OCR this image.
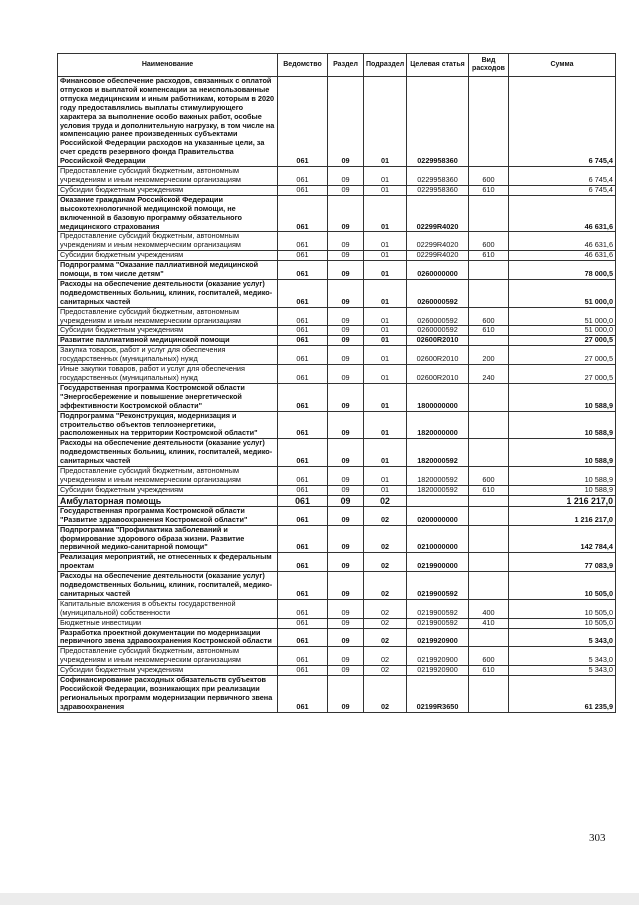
Наименование	Ведомство	Раздел	Подраздел	Целевая статья	Вид расходов	Сумма
Финансовое обеспечение расходов, связанных с оплатой отпусков и выплатой компенсации за неиспользованные отпуска медицинским и иным работникам, которым в 2020 году предоставлялись выплаты стимулирующего характера за выполнение особо важных работ, особые условия труда и дополнительную нагрузку, в том числе на компенсацию ранее произведенных субъектами Российской Федерации расходов на указанные цели, за счет средств резервного фонда Правительства Российской Федерации	061	09	01	0229958360		6 745,4
Предоставление субсидий бюджетным, автономным учреждениям и иным некоммерческим организациям	061	09	01	0229958360	600	6 745,4
Субсидии бюджетным учреждениям	061	09	01	0229958360	610	6 745,4
Оказание гражданам Российской Федерации высокотехнологичной медицинской помощи, не включенной в базовую программу обязательного медицинского страхования	061	09	01	02299R4020		46 631,6
Предоставление субсидий бюджетным, автономным учреждениям и иным некоммерческим организациям	061	09	01	02299R4020	600	46 631,6
Субсидии бюджетным учреждениям	061	09	01	02299R4020	610	46 631,6
Подпрограмма "Оказание паллиативной медицинской помощи, в том числе детям"	061	09	01	0260000000		78 000,5
Расходы на обеспечение деятельности (оказание услуг) подведомственных больниц, клиник, госпиталей, медико-санитарных частей	061	09	01	0260000592		51 000,0
Предоставление субсидий бюджетным, автономным учреждениям и иным некоммерческим организациям	061	09	01	0260000592	600	51 000,0
Субсидии бюджетным учреждениям	061	09	01	0260000592	610	51 000,0
Развитие паллиативной медицинской помощи	061	09	01	02600R2010		27 000,5
Закупка товаров, работ и услуг для обеспечения государственных (муниципальных) нужд	061	09	01	02600R2010	200	27 000,5
Иные закупки товаров, работ и услуг для обеспечения государственных (муниципальных) нужд	061	09	01	02600R2010	240	27 000,5
Государственная программа Костромской области "Энергосбережение и повышение энергетической эффективности Костромской области"	061	09	01	1800000000		10 588,9
Подпрограмма "Реконструкция, модернизация и строительство объектов теплоэнергетики, расположенных на территории Костромской области"	061	09	01	1820000000		10 588,9
Расходы на обеспечение деятельности (оказание услуг) подведомственных больниц, клиник, госпиталей, медико-санитарных частей	061	09	01	1820000592		10 588,9
Предоставление субсидий бюджетным, автономным учреждениям и иным некоммерческим организациям	061	09	01	1820000592	600	10 588,9
Субсидии бюджетным учреждениям	061	09	01	1820000592	610	10 588,9
Амбулаторная помощь	061	09	02			1 216 217,0
Государственная программа Костромской области "Развитие здравоохранения Костромской области"	061	09	02	0200000000		1 216 217,0
Подпрограмма "Профилактика заболеваний и формирование здорового образа жизни. Развитие первичной медико-санитарной помощи"	061	09	02	0210000000		142 784,4
Реализация мероприятий, не отнесенных к федеральным проектам	061	09	02	0219900000		77 083,9
Расходы на обеспечение деятельности (оказание услуг) подведомственных больниц, клиник, госпиталей, медико-санитарных частей	061	09	02	0219900592		10 505,0
Капитальные вложения в объекты государственной (муниципальной) собственности	061	09	02	0219900592	400	10 505,0
Бюджетные инвестиции	061	09	02	0219900592	410	10 505,0
Разработка проектной документации по модернизации первичного звена здравоохранения Костромской области	061	09	02	0219920900		5 343,0
Предоставление субсидий бюджетным, автономным учреждениям и иным некоммерческим организациям	061	09	02	0219920900	600	5 343,0
Субсидии бюджетным учреждениям	061	09	02	0219920900	610	5 343,0
Софинансирование расходных обязательств субъектов Российской Федерации, возникающих при реализации региональных программ модернизации первичного звена здравоохранения	061	09	02	02199R3650		61 235,9
303
